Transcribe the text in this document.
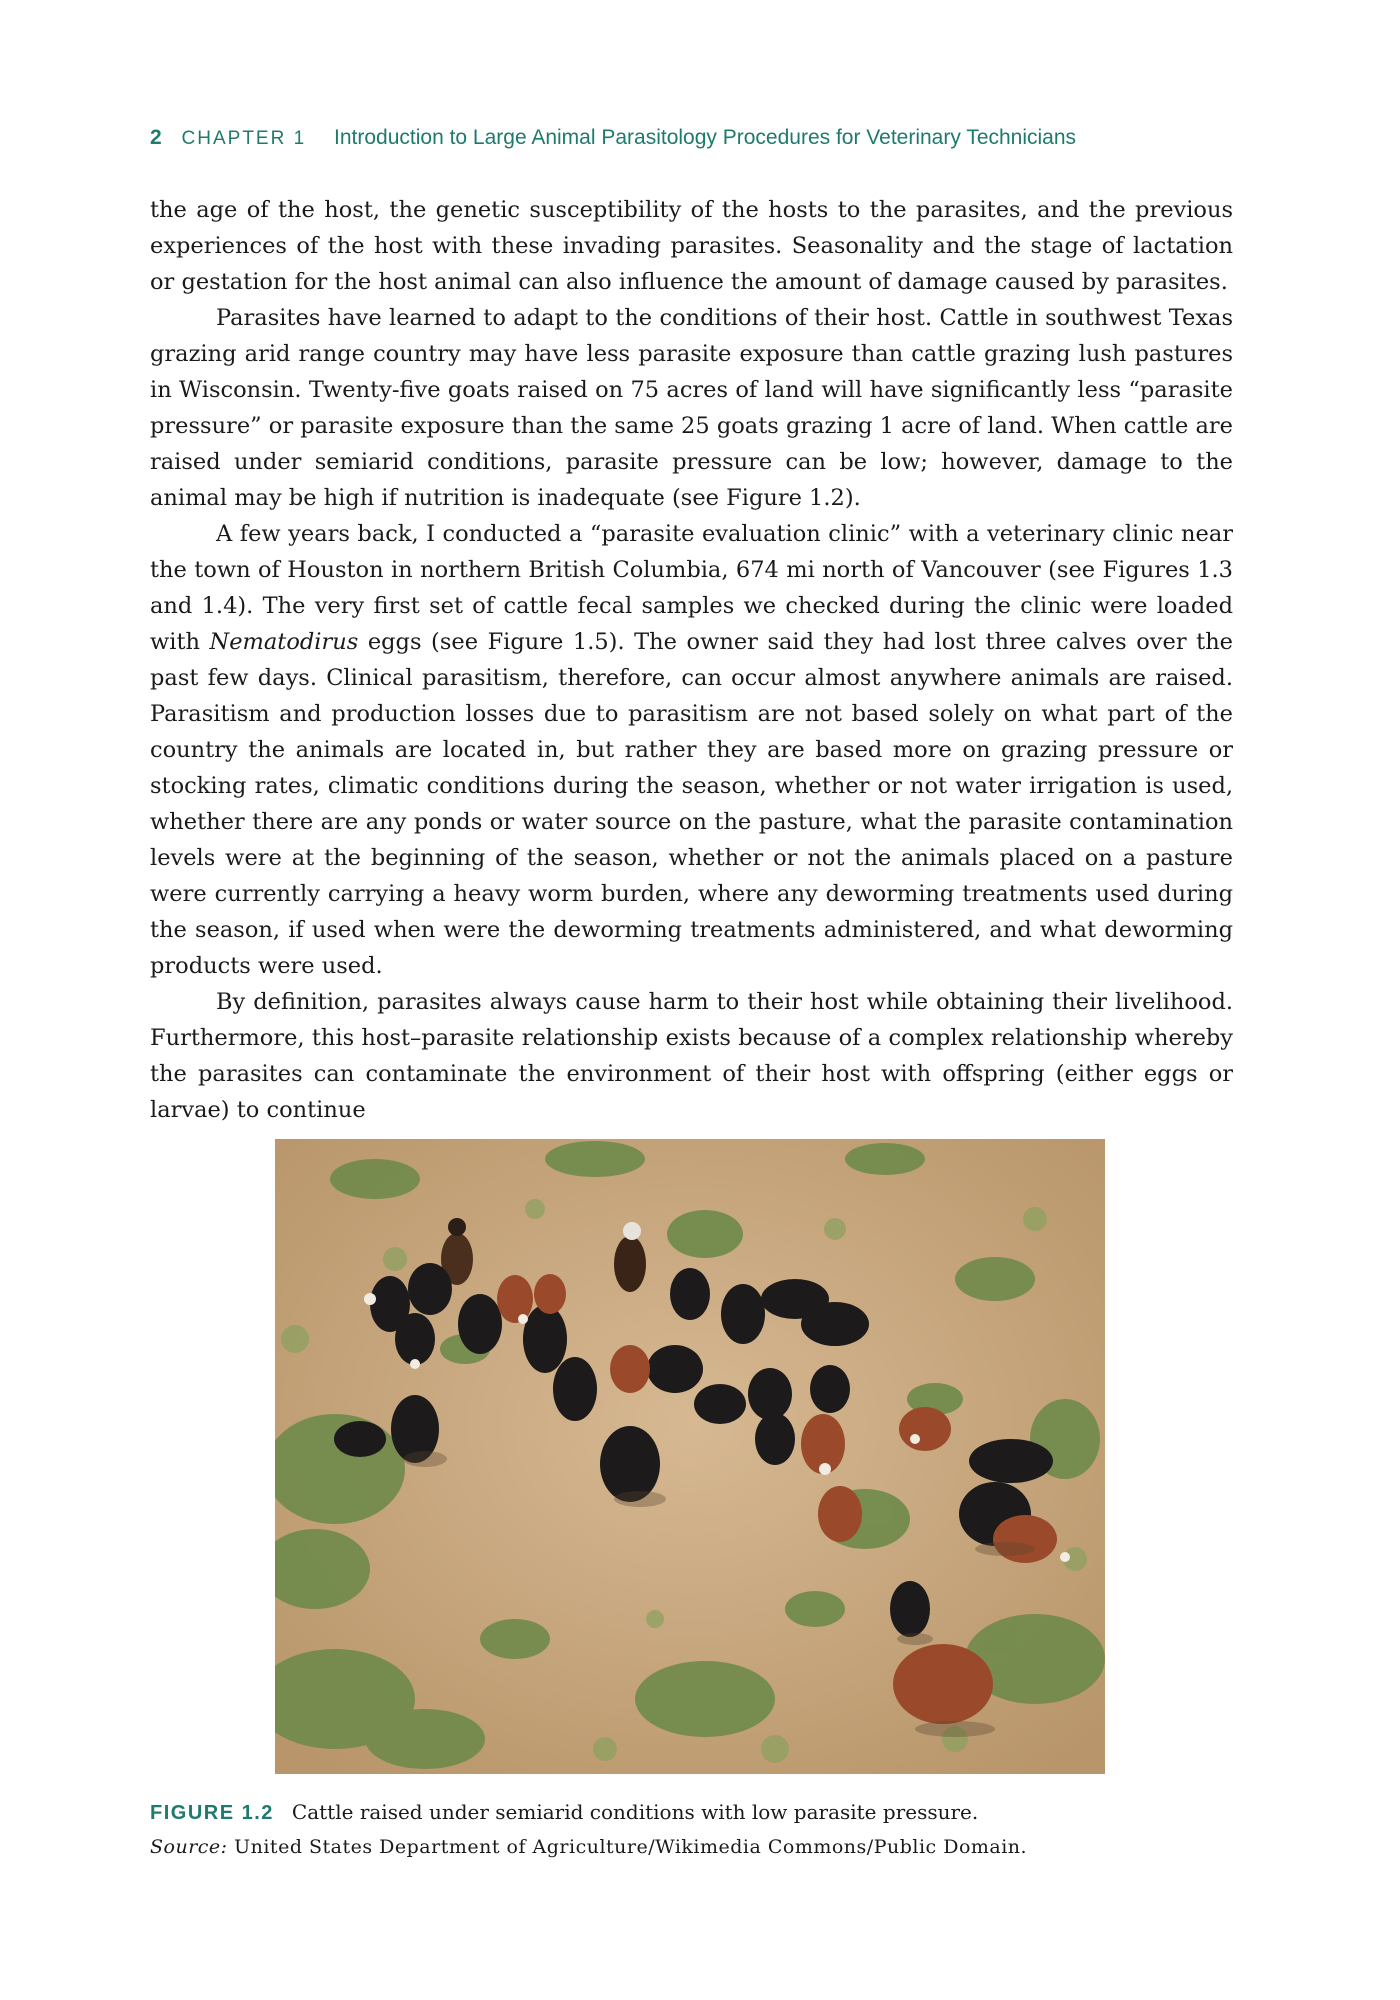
2 CHAPTER 1 Introduction to Large Animal Parasitology Procedures for Veterinary Technicians

the age of the host, the genetic susceptibility of the hosts to the parasites, and the previous experiences of the host with these invading parasites. Seasonality and the stage of lactation or gestation for the host animal can also influence the amount of damage caused by parasites.

Parasites have learned to adapt to the conditions of their host. Cattle in southwest Texas grazing arid range country may have less parasite exposure than cattle grazing lush pastures in Wisconsin. Twenty-five goats raised on 75 acres of land will have significantly less “parasite pressure” or parasite exposure than the same 25 goats grazing 1 acre of land. When cattle are raised under semiarid conditions, parasite pressure can be low; however, damage to the animal may be high if nutrition is inadequate (see Figure 1.2).

A few years back, I conducted a “parasite evaluation clinic” with a veterinary clinic near the town of Houston in northern British Columbia, 674 mi north of Vancouver (see Figures 1.3 and 1.4). The very first set of cattle fecal samples we checked during the clinic were loaded with Nematodirus eggs (see Figure 1.5). The owner said they had lost three calves over the past few days. Clinical parasitism, therefore, can occur almost anywhere animals are raised. Parasitism and production losses due to parasitism are not based solely on what part of the country the animals are located in, but rather they are based more on grazing pressure or stocking rates, climatic conditions during the season, whether or not water irrigation is used, whether there are any ponds or water source on the pasture, what the parasite contamination levels were at the beginning of the season, whether or not the animals placed on a pasture were currently carrying a heavy worm burden, where any deworming treatments used during the season, if used when were the deworming treatments administered, and what deworming products were used.

By definition, parasites always cause harm to their host while obtaining their livelihood. Furthermore, this host–parasite relationship exists because of a complex relationship whereby the parasites can contaminate the environment of their host with offspring (either eggs or larvae) to continue

FIGURE 1.2 Cattle raised under semiarid conditions with low parasite pressure.
Source: United States Department of Agriculture/Wikimedia Commons/Public Domain.
